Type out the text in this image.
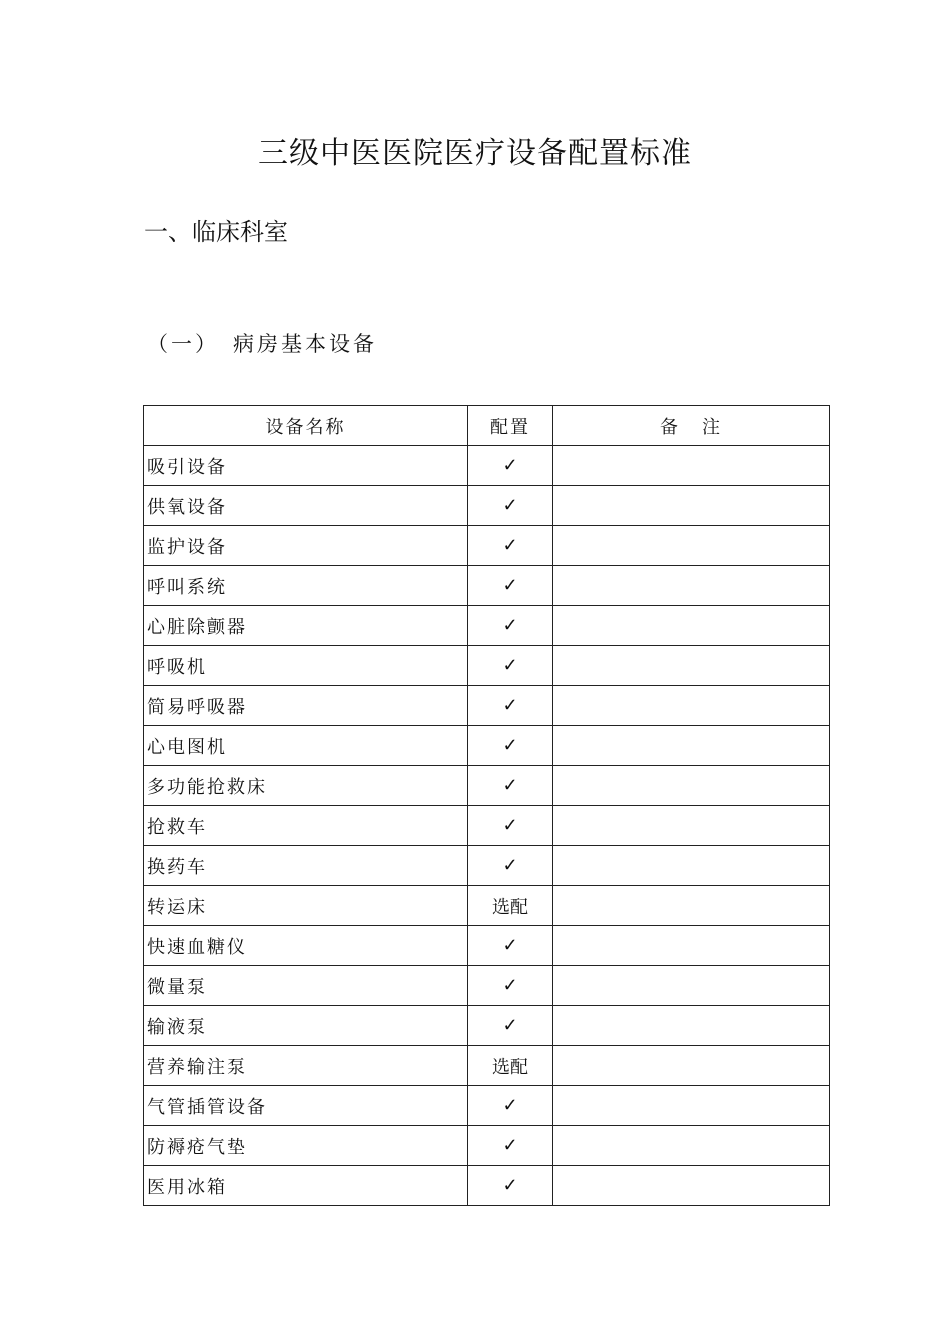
三级中医医院医疗设备配置标准
一、临床科室
（一） 病房基本设备
设备名称	配置	备 注
吸引设备	✓	
供氧设备	✓	
监护设备	✓	
呼叫系统	✓	
心脏除颤器	✓	
呼吸机	✓	
简易呼吸器	✓	
心电图机	✓	
多功能抢救床	✓	
抢救车	✓	
换药车	✓	
转运床	选配	
快速血糖仪	✓	
微量泵	✓	
输液泵	✓	
营养输注泵	选配	
气管插管设备	✓	
防褥疮气垫	✓	
医用冰箱	✓	
